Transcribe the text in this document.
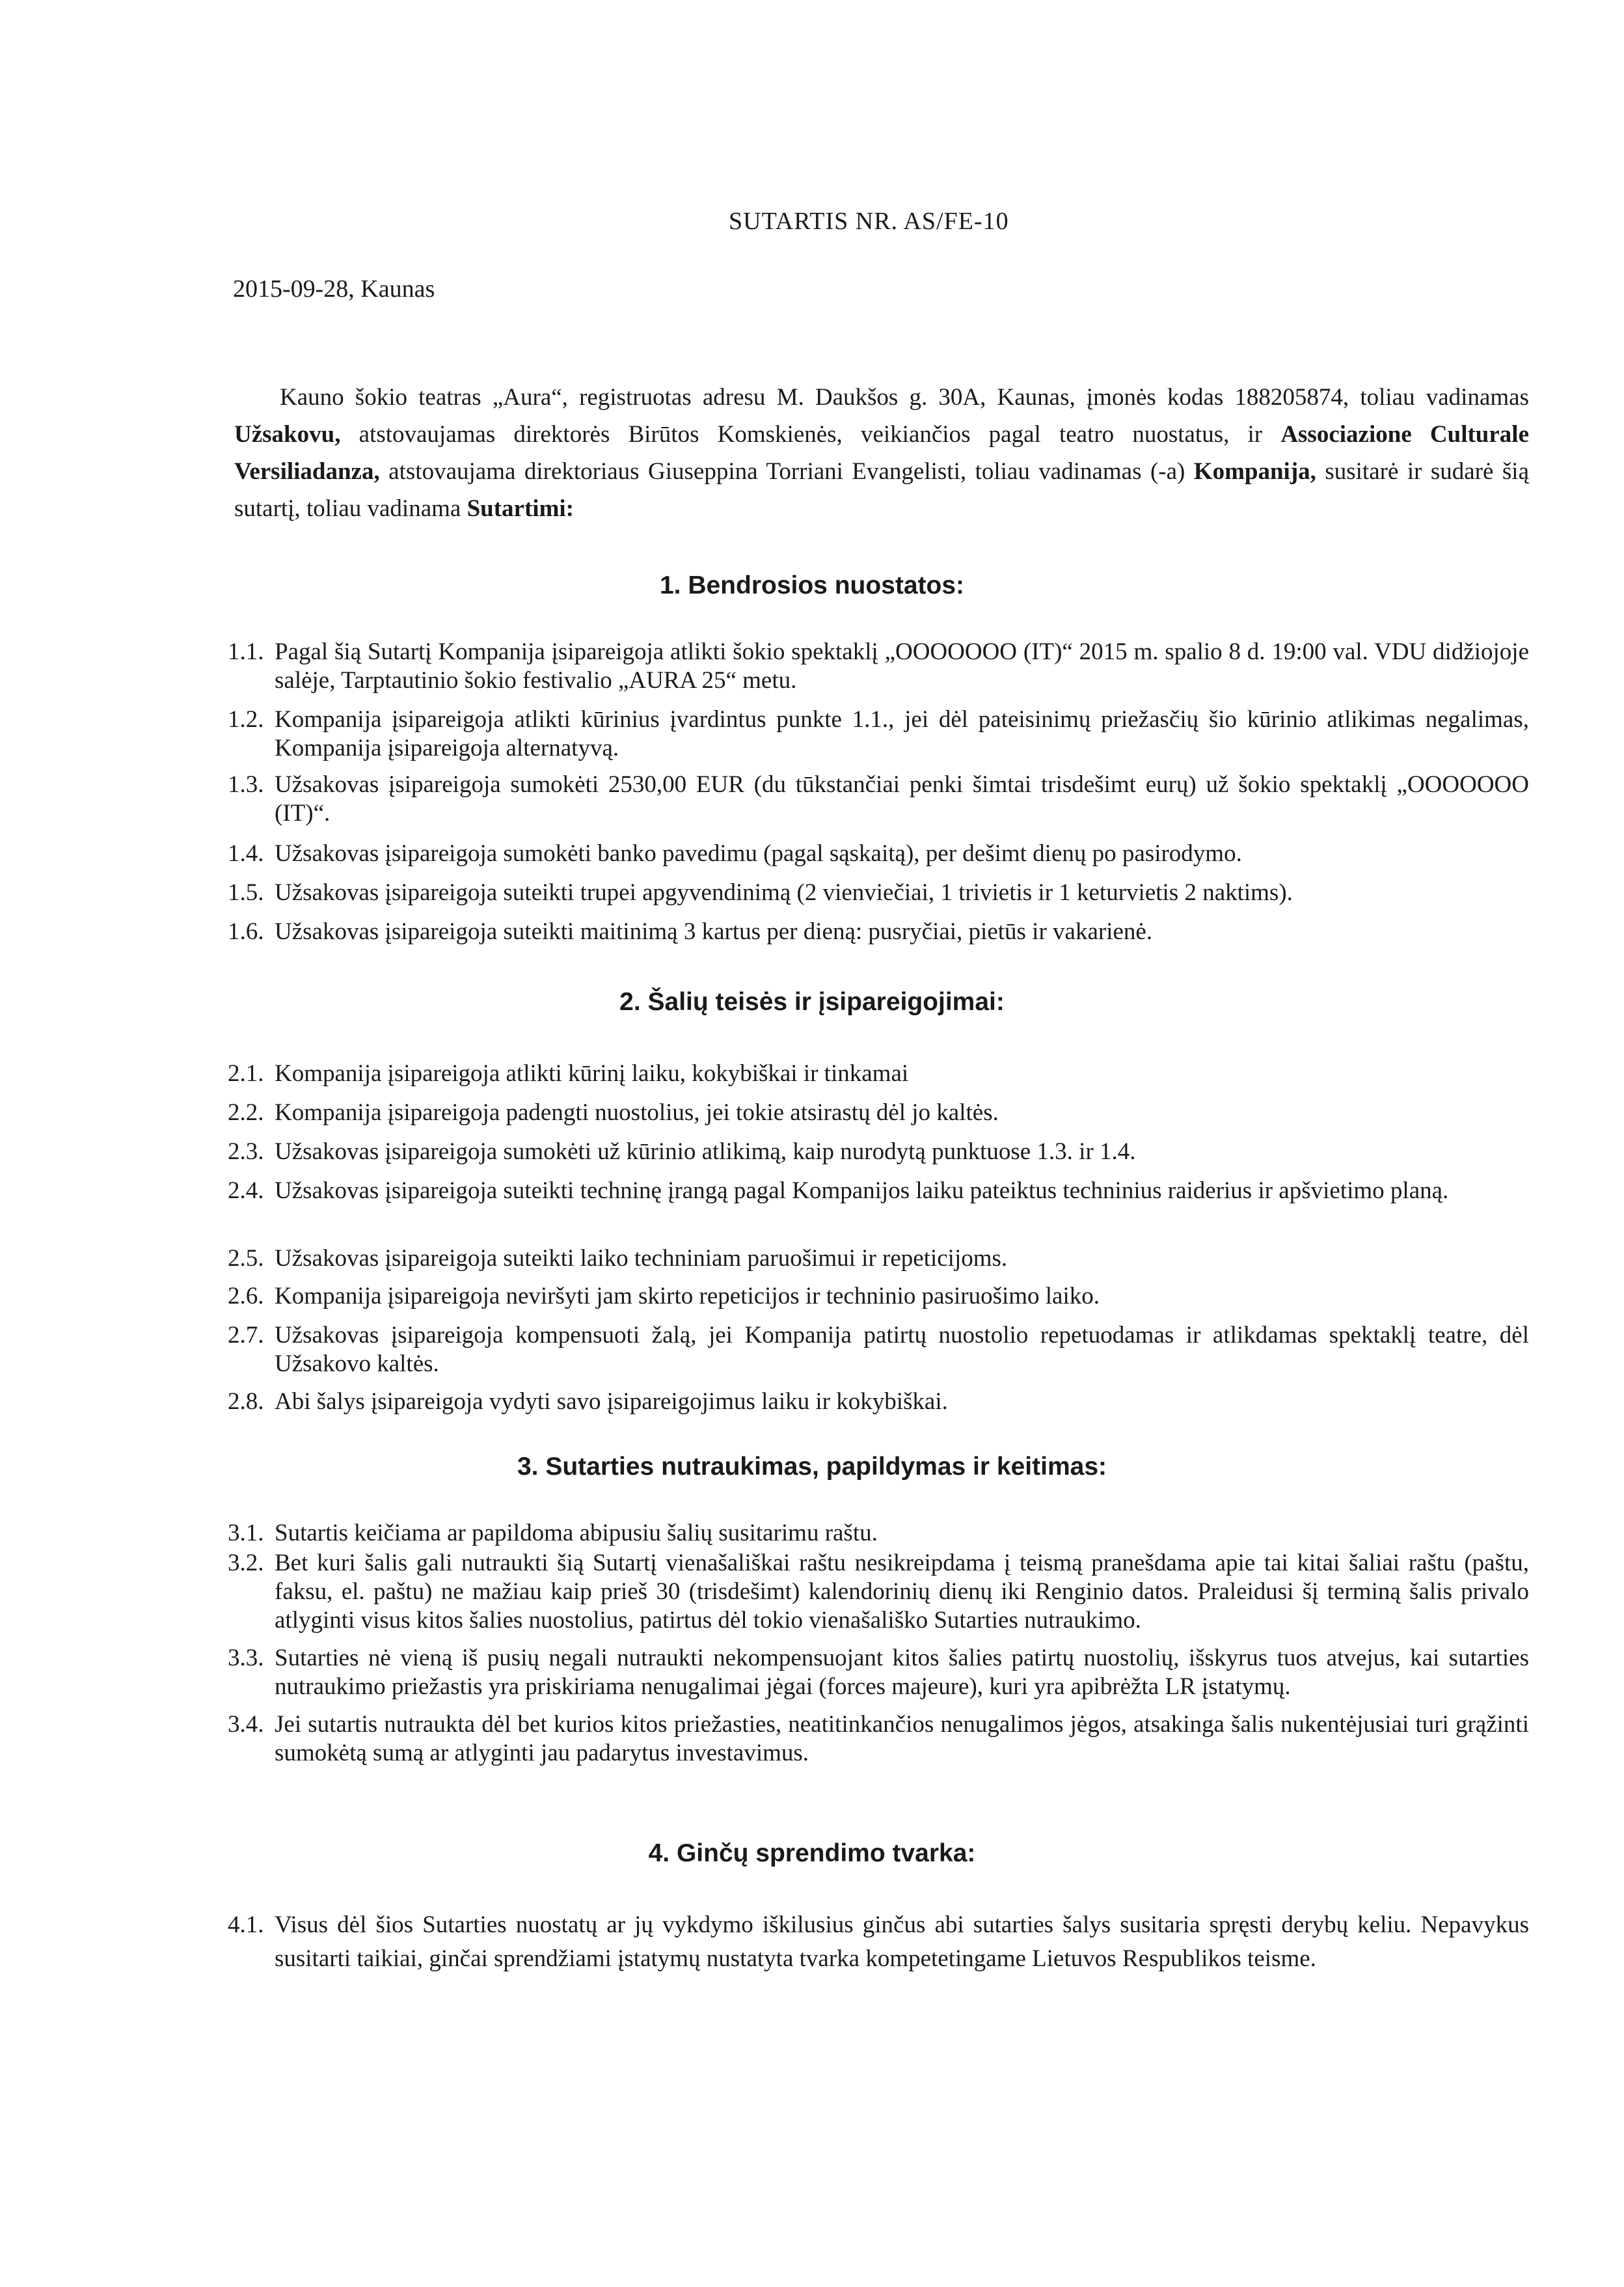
SUTARTIS NR. AS/FE-10
2015-09-28, Kaunas
Kauno šokio teatras „Aura“, registruotas adresu M. Daukšos g. 30A, Kaunas, įmonės kodas 188205874, toliau vadinamas Užsakovu, atstovaujamas direktorės Birūtos Komskienės, veikiančios pagal teatro nuostatus, ir Associazione Culturale Versiliadanza, atstovaujama direktoriaus Giuseppina Torriani Evangelisti, toliau vadinamas (-a) Kompanija, susitarė ir sudarė šią sutartį, toliau vadinama Sutartimi:
1. Bendrosios nuostatos:
1.1. Pagal šią Sutartį Kompanija įsipareigoja atlikti šokio spektaklį „OOOOOOO (IT)“ 2015 m. spalio 8 d. 19:00 val. VDU didžiojoje salėje, Tarptautinio šokio festivalio „AURA 25“ metu.
1.2. Kompanija įsipareigoja atlikti kūrinius įvardintus punkte 1.1., jei dėl pateisinimų priežasčių šio kūrinio atlikimas negalimas, Kompanija įsipareigoja alternatyvą.
1.3. Užsakovas įsipareigoja sumokėti 2530,00 EUR (du tūkstančiai penki šimtai trisdešimt eurų) už šokio spektaklį „OOOOOOO (IT)“.
1.4. Užsakovas įsipareigoja sumokėti banko pavedimu (pagal sąskaitą), per dešimt dienų po pasirodymo.
1.5. Užsakovas įsipareigoja suteikti trupei apgyvendinimą (2 vienviečiai, 1 trivietis ir 1 keturvietis 2 naktims).
1.6. Užsakovas įsipareigoja suteikti maitinimą 3 kartus per dieną: pusryčiai, pietūs ir vakarienė.
2. Šalių teisės ir įsipareigojimai:
2.1. Kompanija įsipareigoja atlikti kūrinį laiku, kokybiškai ir tinkamai
2.2. Kompanija įsipareigoja padengti nuostolius, jei tokie atsirastų dėl jo kaltės.
2.3. Užsakovas įsipareigoja sumokėti už kūrinio atlikimą, kaip nurodytą punktuose 1.3. ir 1.4.
2.4. Užsakovas įsipareigoja suteikti techninę įrangą pagal Kompanijos laiku pateiktus techninius raiderius ir apšvietimo planą.
2.5. Užsakovas įsipareigoja suteikti laiko techniniam paruošimui ir repeticijoms.
2.6. Kompanija įsipareigoja neviršyti jam skirto repeticijos ir techninio pasiruošimo laiko.
2.7. Užsakovas įsipareigoja kompensuoti žalą, jei Kompanija patirtų nuostolio repetuodamas ir atlikdamas spektaklį teatre, dėl Užsakovo kaltės.
2.8. Abi šalys įsipareigoja vydyti savo įsipareigojimus laiku ir kokybiškai.
3. Sutarties nutraukimas, papildymas ir keitimas:
3.1. Sutartis keičiama ar papildoma abipusiu šalių susitarimu raštu.
3.2. Bet kuri šalis gali nutraukti šią Sutartį vienašališkai raštu nesikreipdama į teismą pranešdama apie tai kitai šaliai raštu (paštu, faksu, el. paštu) ne mažiau kaip prieš 30 (trisdešimt) kalendorinių dienų iki Renginio datos. Praleidusi šį terminą šalis privalo atlyginti visus kitos šalies nuostolius, patirtus dėl tokio vienašališko Sutarties nutraukimo.
3.3. Sutarties nė vieną iš pusių negali nutraukti nekompensuojant kitos šalies patirtų nuostolių, išskyrus tuos atvejus, kai sutarties nutraukimo priežastis yra priskiriama nenugalimai jėgai (forces majeure), kuri yra apibrėžta LR įstatymų.
3.4. Jei sutartis nutraukta dėl bet kurios kitos priežasties, neatitinkančios nenugalimos jėgos, atsakinga šalis nukentėjusiai turi grąžinti sumokėtą sumą ar atlyginti jau padarytus investavimus.
4. Ginčų sprendimo tvarka:
4.1. Visus dėl šios Sutarties nuostatų ar jų vykdymo iškilusius ginčus abi sutarties šalys susitaria spręsti derybų keliu. Nepavykus susitarti taikiai, ginčai sprendžiami įstatymų nustatyta tvarka kompetetingame Lietuvos Respublikos teisme.
